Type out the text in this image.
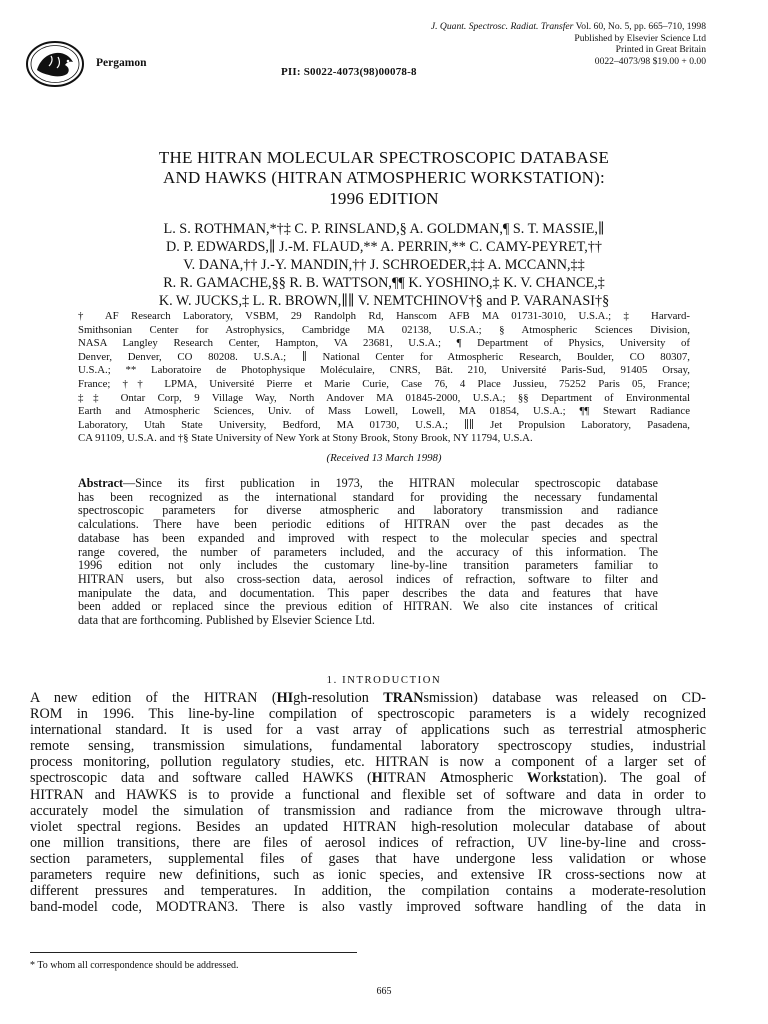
Pergamon
PII: S0022-4073(98)00078-8
J. Quant. Spectrosc. Radiat. Transfer Vol. 60, No. 5, pp. 665–710, 1998
Published by Elsevier Science Ltd
Printed in Great Britain
0022–4073/98 $19.00 + 0.00
THE HITRAN MOLECULAR SPECTROSCOPIC DATABASE
AND HAWKS (HITRAN ATMOSPHERIC WORKSTATION):
1996 EDITION
L. S. ROTHMAN,*†‡ C. P. RINSLAND,§ A. GOLDMAN,¶ S. T. MASSIE,∥
D. P. EDWARDS,∥ J.-M. FLAUD,** A. PERRIN,** C. CAMY-PEYRET,††
V. DANA,†† J.-Y. MANDIN,†† J. SCHROEDER,‡‡ A. MCCANN,‡‡
R. R. GAMACHE,§§ R. B. WATTSON,¶¶ K. YOSHINO,‡ K. V. CHANCE,‡
K. W. JUCKS,‡ L. R. BROWN,∥∥ V. NEMTCHINOV†§ and P. VARANASI†§
† AF Research Laboratory, VSBM, 29 Randolph Rd, Hanscom AFB MA 01731-3010, U.S.A.; ‡ Harvard-
Smithsonian Center for Astrophysics, Cambridge MA 02138, U.S.A.; § Atmospheric Sciences Division,
NASA Langley Research Center, Hampton, VA 23681, U.S.A.; ¶ Department of Physics, University of
Denver, Denver, CO 80208. U.S.A.; ∥ National Center for Atmospheric Research, Boulder, CO 80307,
U.S.A.; ** Laboratoire de Photophysique Moléculaire, CNRS, Bât. 210, Université Paris-Sud, 91405 Orsay,
France; †† LPMA, Université Pierre et Marie Curie, Case 76, 4 Place Jussieu, 75252 Paris 05, France;
‡‡ Ontar Corp, 9 Village Way, North Andover MA 01845-2000, U.S.A.; §§ Department of Environmental
Earth and Atmospheric Sciences, Univ. of Mass Lowell, Lowell, MA 01854, U.S.A.; ¶¶ Stewart Radiance
Laboratory, Utah State University, Bedford, MA 01730, U.S.A.; ∥∥ Jet Propulsion Laboratory, Pasadena,
CA 91109, U.S.A. and †§ State University of New York at Stony Brook, Stony Brook, NY 11794, U.S.A.
(Received 13 March 1998)
Abstract—Since its first publication in 1973, the HITRAN molecular spectroscopic database
has been recognized as the international standard for providing the necessary fundamental
spectroscopic parameters for diverse atmospheric and laboratory transmission and radiance
calculations. There have been periodic editions of HITRAN over the past decades as the
database has been expanded and improved with respect to the molecular species and spectral
range covered, the number of parameters included, and the accuracy of this information. The
1996 edition not only includes the customary line-by-line transition parameters familiar to
HITRAN users, but also cross-section data, aerosol indices of refraction, software to filter and
manipulate the data, and documentation. This paper describes the data and features that have
been added or replaced since the previous edition of HITRAN. We also cite instances of critical
data that are forthcoming. Published by Elsevier Science Ltd.
1. INTRODUCTION
A new edition of the HITRAN (HIgh-resolution TRANsmission) database was released on CD-
ROM in 1996. This line-by-line compilation of spectroscopic parameters is a widely recognized
international standard. It is used for a vast array of applications such as terrestrial atmospheric
remote sensing, transmission simulations, fundamental laboratory spectroscopy studies, industrial
process monitoring, pollution regulatory studies, etc. HITRAN is now a component of a larger set of
spectroscopic data and software called HAWKS (HITRAN Atmospheric Workstation). The goal of
HITRAN and HAWKS is to provide a functional and flexible set of software and data in order to
accurately model the simulation of transmission and radiance from the microwave through ultra-
violet spectral regions. Besides an updated HITRAN high-resolution molecular database of about
one million transitions, there are files of aerosol indices of refraction, UV line-by-line and cross-
section parameters, supplemental files of gases that have undergone less validation or whose
parameters require new definitions, such as ionic species, and extensive IR cross-sections now at
different pressures and temperatures. In addition, the compilation contains a moderate-resolution
band-model code, MODTRAN3. There is also vastly improved software handling of the data in
* To whom all correspondence should be addressed.
665
